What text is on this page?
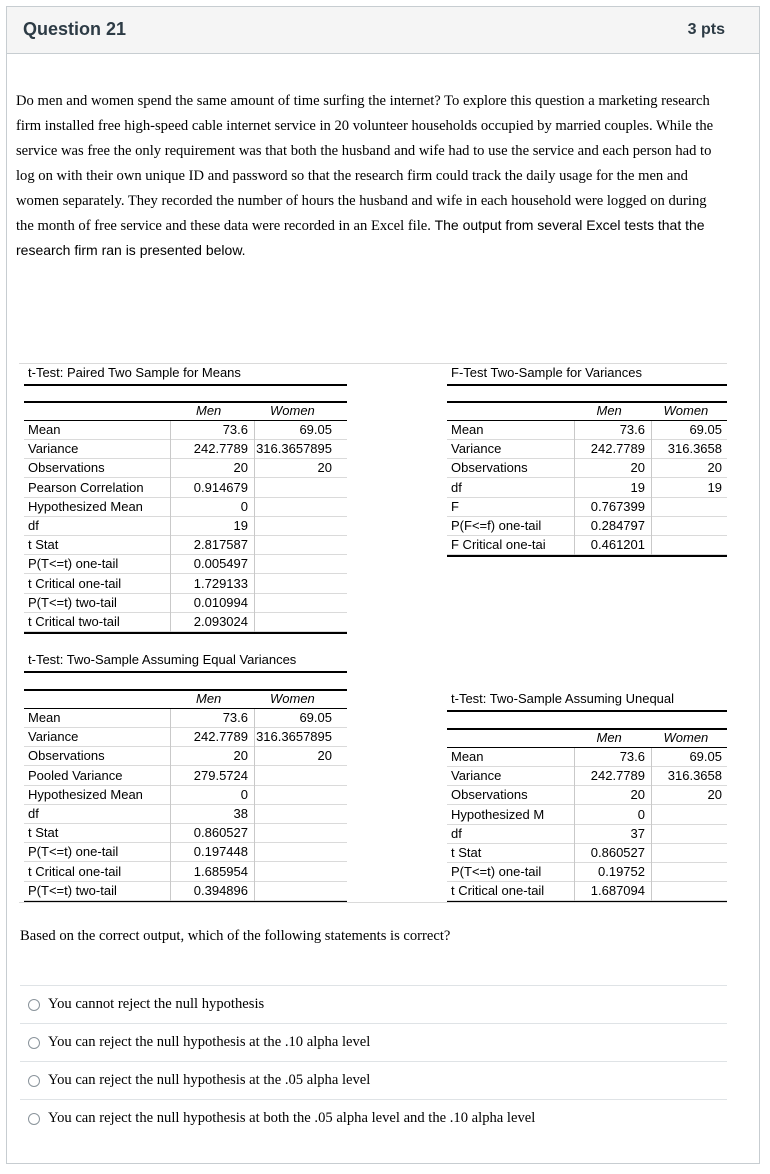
Question 21	3 pts
Do men and women spend the same amount of time surfing the internet? To explore this question a marketing research firm installed free high-speed cable internet service in 20 volunteer households occupied by married couples. While the service was free the only requirement was that both the husband and wife had to use the service and each person had to log on with their own unique ID and password so that the research firm could track the daily usage for the men and women separately. They recorded the number of hours the husband and wife in each household were logged on during the month of free service and these data were recorded in an Excel file. The output from several Excel tests that the research firm ran is presented below.
t-Test: Paired Two Sample for Means
Men	Women
Mean	73.6	69.05
Variance	242.7789 316.3657895
Observations	20	20
Pearson Correlation	0.914679
Hypothesized Mean	0
df	19
t Stat	2.817587
P(T<=t) one-tail	0.005497
t Critical one-tail	1.729133
P(T<=t) two-tail	0.010994
t Critical two-tail	2.093024
F-Test Two-Sample for Variances
Men	Women
Mean	73.6	69.05
Variance	242.7789	316.3658
Observations	20	20
df	19	19
F	0.767399
P(F<=f) one-tail	0.284797
F Critical one-tai	0.461201
t-Test: Two-Sample Assuming Equal Variances
Men	Women
Mean	73.6	69.05
Variance	242.7789 316.3657895
Observations	20	20
Pooled Variance	279.5724
Hypothesized Mean	0
df	38
t Stat	0.860527
P(T<=t) one-tail	0.197448
t Critical one-tail	1.685954
P(T<=t) two-tail	0.394896
t-Test: Two-Sample Assuming Unequal
Men	Women
Mean	73.6	69.05
Variance	242.7789	316.3658
Observations	20	20
Hypothesized M	0
df	37
t Stat	0.860527
P(T<=t) one-tail	0.19752
t Critical one-tail	1.687094
Based on the correct output, which of the following statements is correct?
You cannot reject the null hypothesis
You can reject the null hypothesis at the .10 alpha level
You can reject the null hypothesis at the .05 alpha level
You can reject the null hypothesis at both the .05 alpha level and the .10 alpha level
